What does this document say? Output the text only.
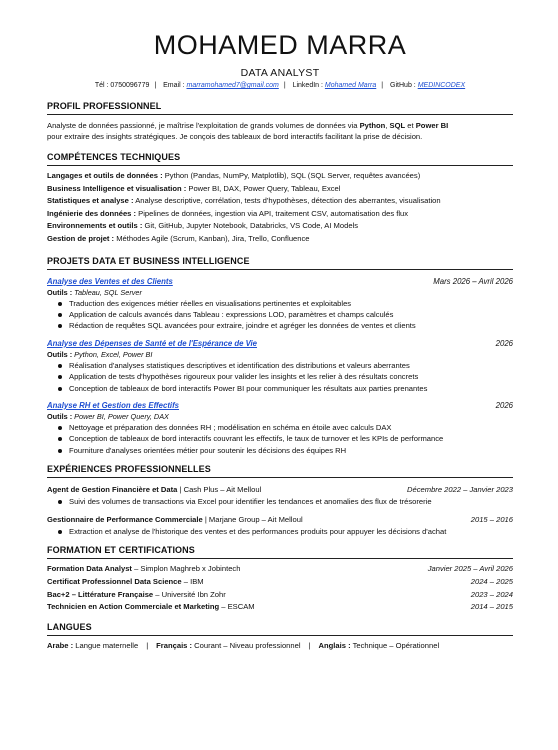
MOHAMED MARRA
DATA ANALYST
Tél : 0750096779 | Email : marramohamed7@gmail.com | LinkedIn : Mohamed Marra | GitHub : MEDINCODEX
PROFIL PROFESSIONNEL
Analyste de données passionné, je maîtrise l'exploitation de grands volumes de données via Python, SQL et Power BI
pour extraire des insights stratégiques. Je conçois des tableaux de bord interactifs facilitant la prise de décision.
COMPÉTENCES TECHNIQUES
Langages et outils de données : Python (Pandas, NumPy, Matplotlib), SQL (SQL Server, requêtes avancées)
Business Intelligence et visualisation : Power BI, DAX, Power Query, Tableau, Excel
Statistiques et analyse : Analyse descriptive, corrélation, tests d'hypothèses, détection des aberrantes, visualisation
Ingénierie des données : Pipelines de données, ingestion via API, traitement CSV, automatisation des flux
Environnements et outils : Git, GitHub, Jupyter Notebook, Databricks, VS Code, AI Models
Gestion de projet : Méthodes Agile (Scrum, Kanban), Jira, Trello, Confluence
PROJETS DATA ET BUSINESS INTELLIGENCE
Analyse des Ventes et des Clients	Mars 2026 – Avril 2026
Outils : Tableau, SQL Server
Traduction des exigences métier réelles en visualisations pertinentes et exploitables
Application de calculs avancés dans Tableau : expressions LOD, paramètres et champs calculés
Rédaction de requêtes SQL avancées pour extraire, joindre et agréger les données de ventes et clients
Analyse des Dépenses de Santé et de l'Espérance de Vie	2026
Outils : Python, Excel, Power BI
Réalisation d'analyses statistiques descriptives et identification des distributions et valeurs aberrantes
Application de tests d'hypothèses rigoureux pour valider les insights et les relier à des résultats concrets
Conception de tableaux de bord interactifs Power BI pour communiquer les résultats aux parties prenantes
Analyse RH et Gestion des Effectifs	2026
Outils : Power BI, Power Query, DAX
Nettoyage et préparation des données RH ; modélisation en schéma en étoile avec calculs DAX
Conception de tableaux de bord interactifs couvrant les effectifs, le taux de turnover et les KPIs de performance
Fourniture d'analyses orientées métier pour soutenir les décisions des équipes RH
EXPÉRIENCES PROFESSIONNELLES
Agent de Gestion Financière et Data | Cash Plus – Ait Melloul	Décembre 2022 – Janvier 2023
Suivi des volumes de transactions via Excel pour identifier les tendances et anomalies des flux de trésorerie
Gestionnaire de Performance Commerciale | Marjane Group – Ait Melloul	2015 – 2016
Extraction et analyse de l'historique des ventes et des performances produits pour appuyer les décisions d'achat
FORMATION ET CERTIFICATIONS
Formation Data Analyst – Simplon Maghreb x Jobintech	Janvier 2025 – Avril 2026
Certificat Professionnel Data Science – IBM	2024 – 2025
Bac+2 – Littérature Française – Université Ibn Zohr	2023 – 2024
Technicien en Action Commerciale et Marketing – ESCAM	2014 – 2015
LANGUES
Arabe : Langue maternelle | Français : Courant – Niveau professionnel | Anglais : Technique – Opérationnel
